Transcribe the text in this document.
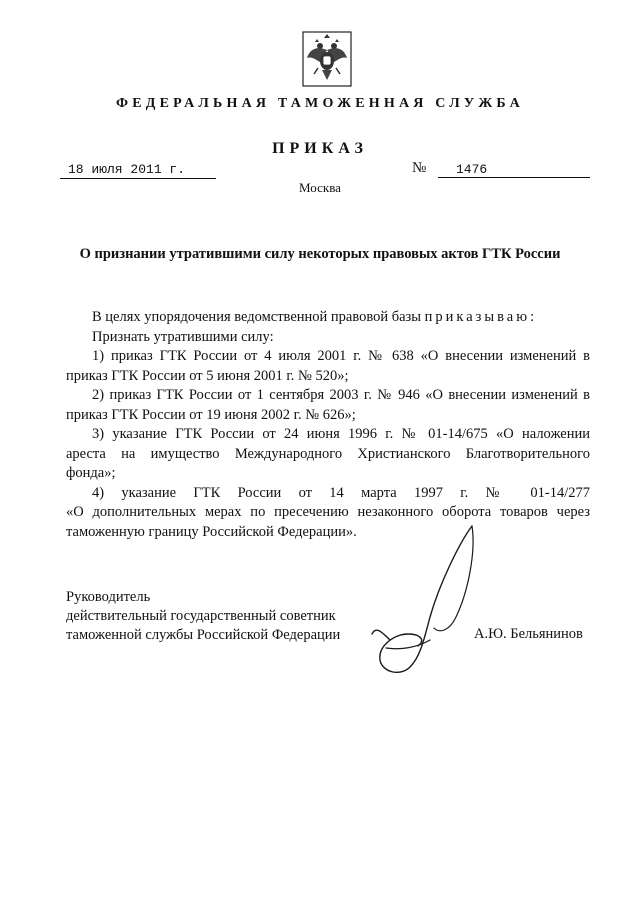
ФЕДЕРАЛЬНАЯ ТАМОЖЕННАЯ СЛУЖБА
ПРИКАЗ
18 июля 2011 г.	№	1476
Москва
О признании утратившими силу некоторых правовых актов ГТК России

В целях упорядочения ведомственной правовой базы приказываю:

Признать утратившими силу:

1) приказ ГТК России от 4 июля 2001 г. № 638 «О внесении изменений в

приказ ГТК России от 5 июня 2001 г. № 520»;

2) приказ ГТК России от 1 сентября 2003 г. № 946 «О внесении изменений в

приказ ГТК России от 19 июня 2002 г. № 626»;

3) указание ГТК России от 24 июня 1996 г. № 01-14/675 «О наложении

ареста на имущество Международного Христианского Благотворительного

фонда»;

4) указание ГТК России от 14 марта 1997 г. № 01-14/277

«О дополнительных мерах по пресечению незаконного оборота товаров через

таможенную границу Российской Федерации».

Руководитель
действительный государственный советник
таможенной службы Российской Федерации	А.Ю. Бельянинов
